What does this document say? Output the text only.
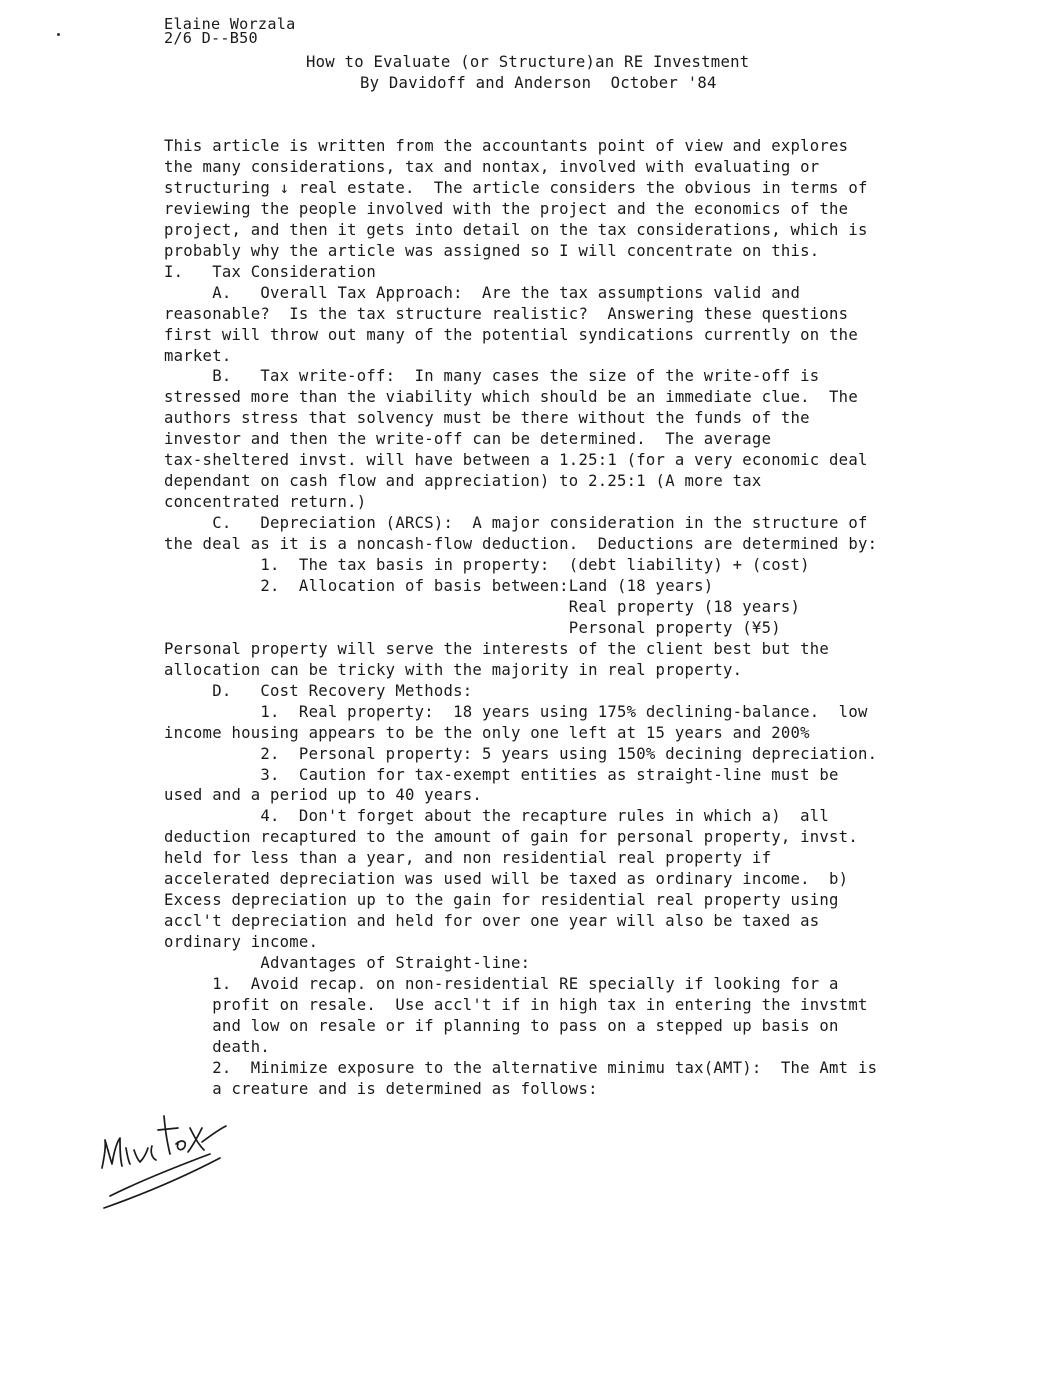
Elaine Worzala
2/6 D--B50
How to Evaluate (or Structure)an RE Investment
By Davidoff and Anderson  October '84
This article is written from the accountants point of view and explores
the many considerations, tax and nontax, involved with evaluating or
structuring ↓ real estate.  The article considers the obvious in terms of
reviewing the people involved with the project and the economics of the
project, and then it gets into detail on the tax considerations, which is
probably why the article was assigned so I will concentrate on this.
I.   Tax Consideration
A.   Overall Tax Approach:  Are the tax assumptions valid and
reasonable?  Is the tax structure realistic?  Answering these questions
first will throw out many of the potential syndications currently on the
market.
B.   Tax write-off:  In many cases the size of the write-off is
stressed more than the viability which should be an immediate clue.  The
authors stress that solvency must be there without the funds of the
investor and then the write-off can be determined.  The average
tax-sheltered invst. will have between a 1.25:1 (for a very economic deal
dependant on cash flow and appreciation) to 2.25:1 (A more tax
concentrated return.)
C.   Depreciation (ARCS):  A major consideration in the structure of
the deal as it is a noncash-flow deduction.  Deductions are determined by:
1.  The tax basis in property:  (debt liability) + (cost)
2.  Allocation of basis between:Land (18 years)
Real property (18 years)
Personal property (¥5)
Personal property will serve the interests of the client best but the
allocation can be tricky with the majority in real property.
D.   Cost Recovery Methods:
1.  Real property:  18 years using 175% declining-balance.  low
income housing appears to be the only one left at 15 years and 200%
2.  Personal property: 5 years using 150% decining depreciation.
3.  Caution for tax-exempt entities as straight-line must be
used and a period up to 40 years.
4.  Don't forget about the recapture rules in which a)  all
deduction recaptured to the amount of gain for personal property, invst.
held for less than a year, and non residential real property if
accelerated depreciation was used will be taxed as ordinary income.  b)
Excess depreciation up to the gain for residential real property using
accl't depreciation and held for over one year will also be taxed as
ordinary income.
Advantages of Straight-line:
1.  Avoid recap. on non-residential RE specially if looking for a
profit on resale.  Use accl't if in high tax in entering the invstmt
and low on resale or if planning to pass on a stepped up basis on
death.
2.  Minimize exposure to the alternative minimu tax(AMT):  The Amt is
a creature and is determined as follows:
